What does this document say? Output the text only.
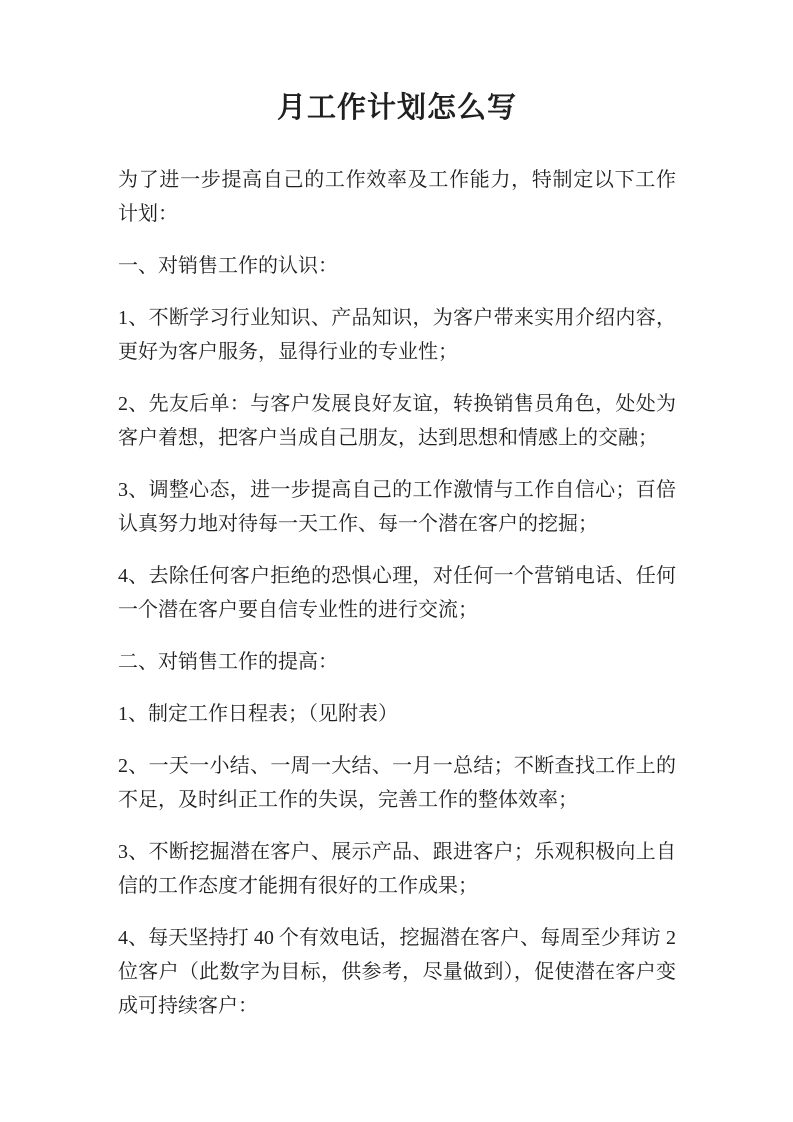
月工作计划怎么写

为了进一步提高自己的工作效率及工作能力，特制定以下工作计划：

一、对销售工作的认识：

1、不断学习行业知识、产品知识，为客户带来实用介绍内容，更好为客户服务，显得行业的专业性；

2、先友后单：与客户发展良好友谊，转换销售员角色，处处为客户着想，把客户当成自己朋友，达到思想和情感上的交融；

3、调整心态，进一步提高自己的工作激情与工作自信心；百倍认真努力地对待每一天工作、每一个潜在客户的挖掘；

4、去除任何客户拒绝的恐惧心理，对任何一个营销电话、任何一个潜在客户要自信专业性的进行交流；

二、对销售工作的提高：

1、制定工作日程表；（见附表）

2、一天一小结、一周一大结、一月一总结；不断查找工作上的不足，及时纠正工作的失误，完善工作的整体效率；

3、不断挖掘潜在客户、展示产品、跟进客户；乐观积极向上自信的工作态度才能拥有很好的工作成果；

4、每天坚持打 40 个有效电话，挖掘潜在客户、每周至少拜访 2 位客户（此数字为目标，供参考，尽量做到），促使潜在客户变成可持续客户：
